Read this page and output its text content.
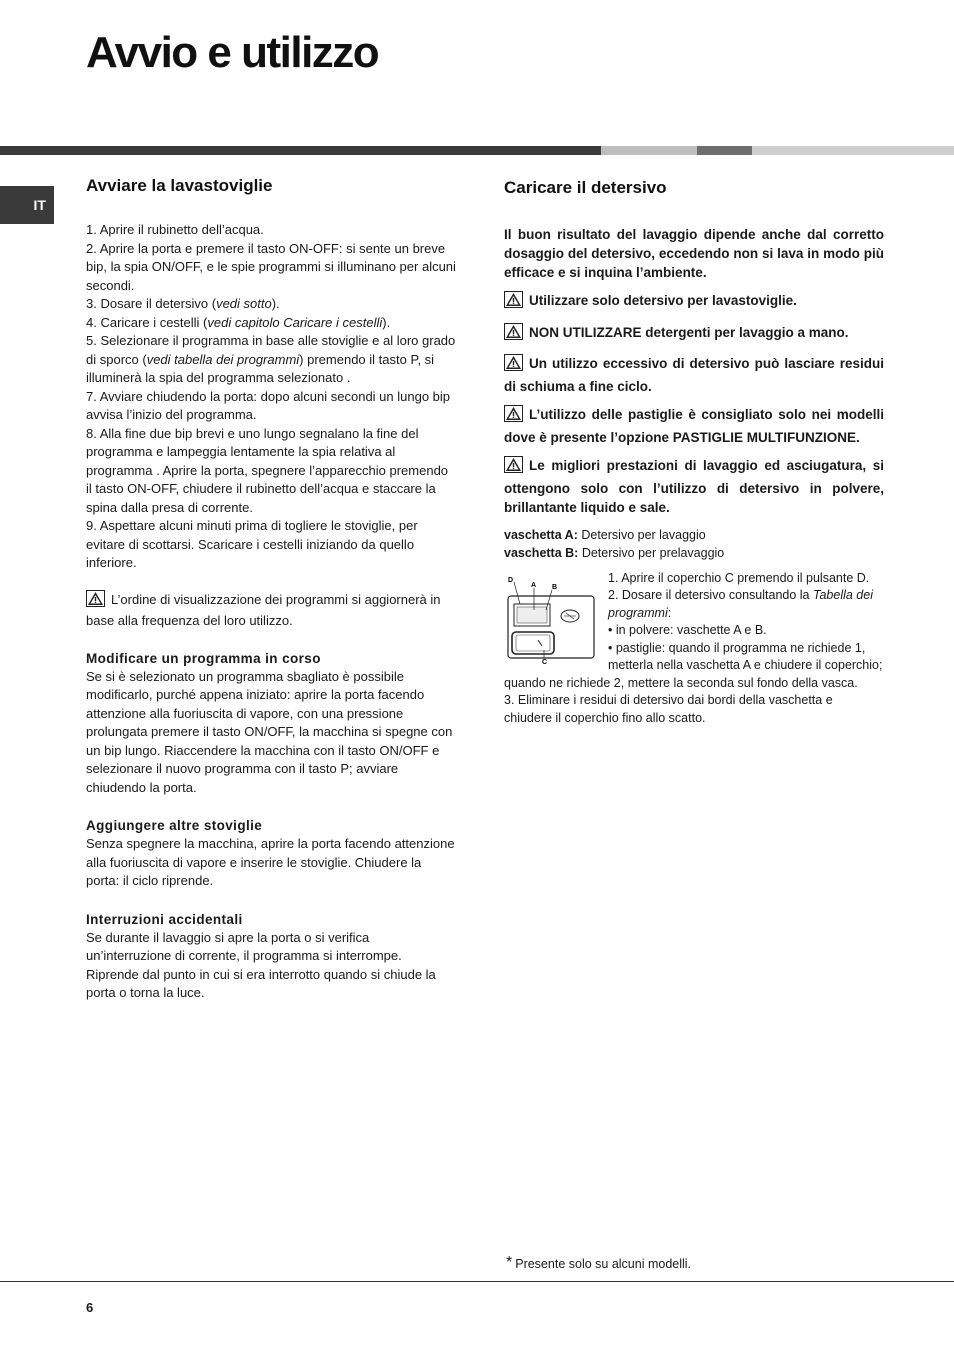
Avvio e utilizzo
IT
Avviare la lavastoviglie

1. Aprire il rubinetto dell’acqua.

2. Aprire la porta e premere il tasto ON-OFF: si sente un breve bip, la spia ON/OFF, e le spie programmi si illuminano per alcuni secondi.

3. Dosare il detersivo (vedi sotto).

4. Caricare i cestelli (vedi capitolo Caricare i cestelli).

5. Selezionare il programma in base alle stoviglie e al loro grado di sporco (vedi tabella dei programmi) premendo il tasto P, si illuminerà la spia del programma selezionato .

7. Avviare chiudendo la porta: dopo alcuni secondi un lungo bip avvisa l’inizio del programma.

8. Alla fine due bip brevi e uno lungo segnalano la fine del programma e lampeggia lentamente la spia relativa al programma . Aprire la porta, spegnere l’apparecchio premendo il tasto ON-OFF, chiudere il rubinetto dell’acqua e staccare la spina dalla presa di corrente.

9. Aspettare alcuni minuti prima di togliere le stoviglie, per evitare di scottarsi. Scaricare i cestelli iniziando da quello inferiore.

L’ordine di visualizzazione dei programmi si aggiornerà in base alla frequenza del loro utilizzo.
Modificare un programma in corso

Se si è selezionato un programma sbagliato è possibile modificarlo, purché appena iniziato: aprire la porta facendo attenzione alla fuoriuscita di vapore, con una pressione prolungata premere il tasto ON/OFF, la macchina si spegne con un bip lungo. Riaccendere la macchina con il tasto ON/OFF e selezionare il nuovo programma con il tasto P; avviare chiudendo la porta.

Aggiungere altre stoviglie

Senza spegnere la macchina, aprire la porta facendo attenzione alla fuoriuscita di vapore e inserire le stoviglie. Chiudere la porta: il ciclo riprende.

Interruzioni accidentali

Se durante il lavaggio si apre la porta o si verifica un’interruzione di corrente, il programma si interrompe. Riprende dal punto in cui si era interrotto quando si chiude la porta o torna la luce.

Caricare il detersivo
Il buon risultato del lavaggio dipende anche dal corretto dosaggio del detersivo, eccedendo non si lava in modo più efficace e si inquina l’ambiente.
Utilizzare solo detersivo per lavastoviglie.
NON UTILIZZARE detergenti per lavaggio a mano.
Un utilizzo eccessivo di detersivo può lasciare residui di schiuma a fine ciclo.
L’utilizzo delle pastiglie è consigliato solo nei modelli dove è presente l’opzione PASTIGLIE MULTIFUNZIONE.
Le migliori prestazioni di lavaggio ed asciugatura, si ottengono solo con l’utilizzo di detersivo in polvere, brillantante liquido e sale.
vaschetta A: Detersivo per lavaggio
vaschetta B: Detersivo per prelavaggio
D
A B
C

1. Aprire il coperchio C premendo il pulsante D.

2. Dosare il detersivo consultando la Tabella dei programmi:

• in polvere: vaschette A e B.

• pastiglie: quando il programma ne richiede 1, metterla nella vaschetta A e chiudere il coperchio; quando ne richiede 2, mettere la seconda sul fondo della vasca.

3. Eliminare i residui di detersivo dai bordi della vaschetta e chiudere il coperchio fino allo scatto.

* Presente solo su alcuni modelli.
6
